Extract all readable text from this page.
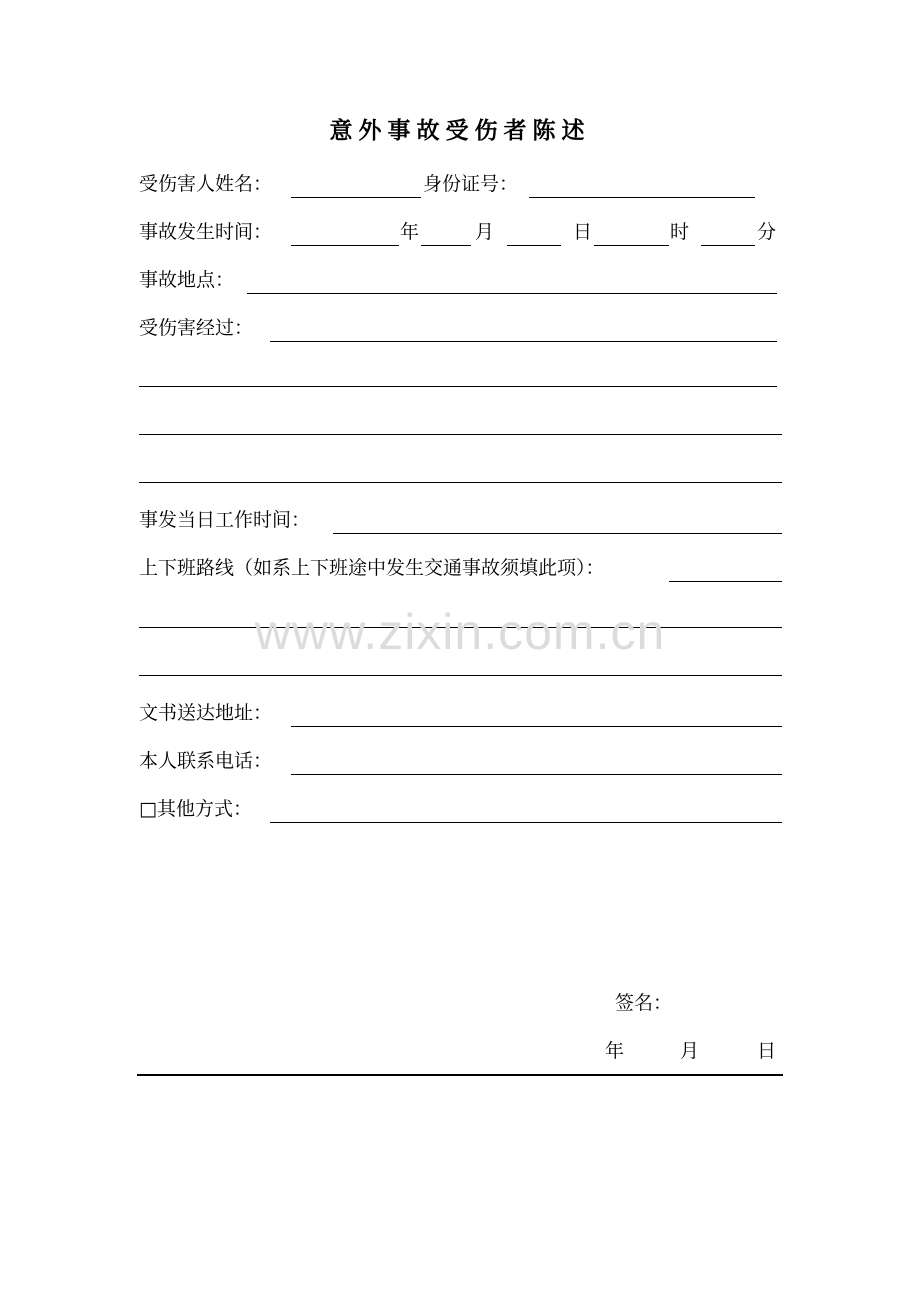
意外事故受伤者陈述
受伤害人姓名：	身份证号：
事故发生时间：	年	月	日	时	分
事故地点：
受伤害经过：
事发当日工作时间：
上下班路线（如系上下班途中发生交通事故须填此项）：
文书送达地址：
本人联系电话：
□其他方式：
www.zixin.com.cn
签名：
年	月	日
